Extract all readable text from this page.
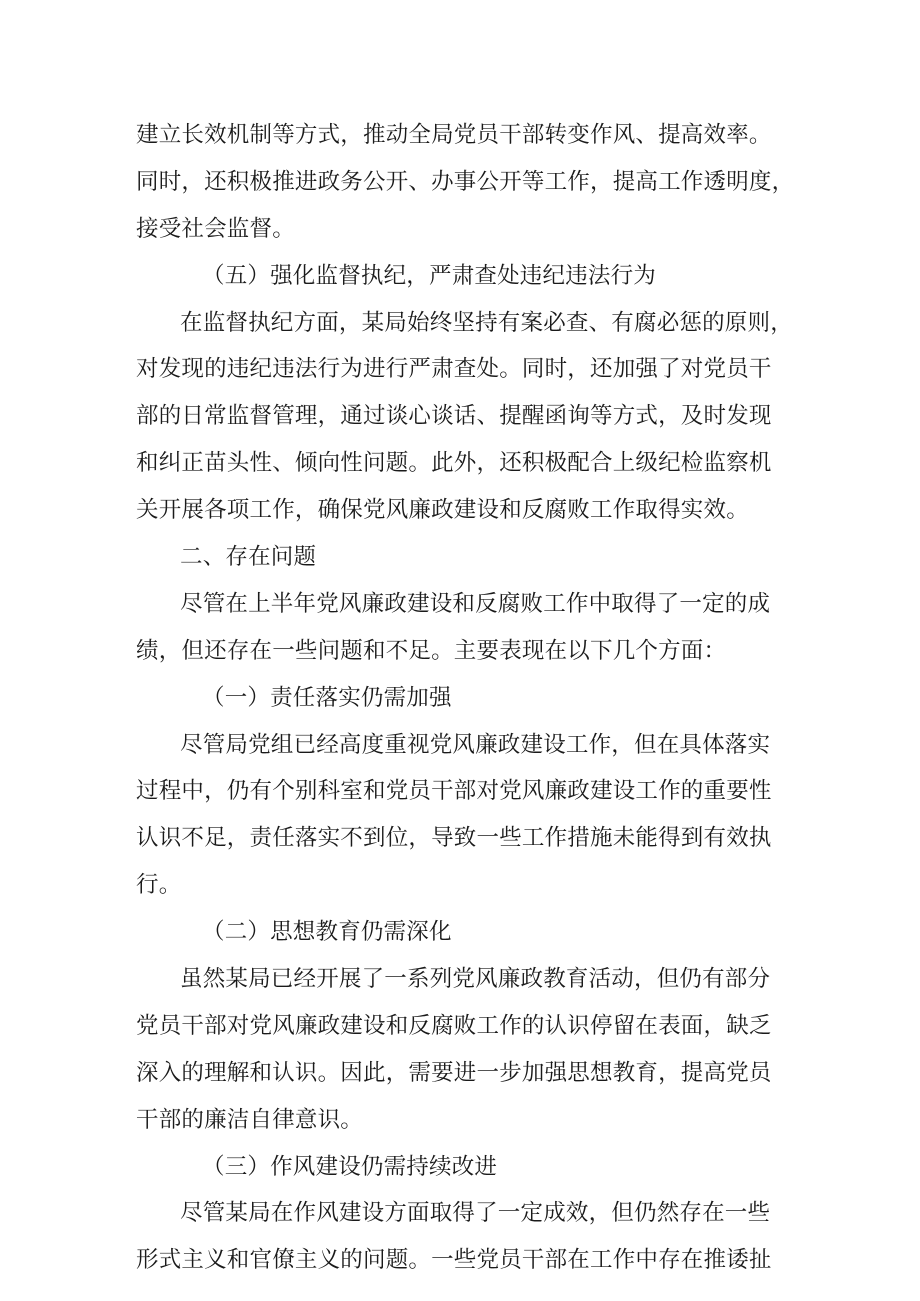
建立长效机制等方式，推动全局党员干部转变作风、提高效率。
同时，还积极推进政务公开、办事公开等工作，提高工作透明度，
接受社会监督。
（五）强化监督执纪，严肃查处违纪违法行为
在监督执纪方面，某局始终坚持有案必查、有腐必惩的原则，
对发现的违纪违法行为进行严肃查处。同时，还加强了对党员干
部的日常监督管理，通过谈心谈话、提醒函询等方式，及时发现
和纠正苗头性、倾向性问题。此外，还积极配合上级纪检监察机
关开展各项工作，确保党风廉政建设和反腐败工作取得实效。
二、存在问题
尽管在上半年党风廉政建设和反腐败工作中取得了一定的成
绩，但还存在一些问题和不足。主要表现在以下几个方面：
（一）责任落实仍需加强
尽管局党组已经高度重视党风廉政建设工作，但在具体落实
过程中，仍有个别科室和党员干部对党风廉政建设工作的重要性
认识不足，责任落实不到位，导致一些工作措施未能得到有效执
行。
（二）思想教育仍需深化
虽然某局已经开展了一系列党风廉政教育活动，但仍有部分
党员干部对党风廉政建设和反腐败工作的认识停留在表面，缺乏
深入的理解和认识。因此，需要进一步加强思想教育，提高党员
干部的廉洁自律意识。
（三）作风建设仍需持续改进
尽管某局在作风建设方面取得了一定成效，但仍然存在一些
形式主义和官僚主义的问题。一些党员干部在工作中存在推诿扯
